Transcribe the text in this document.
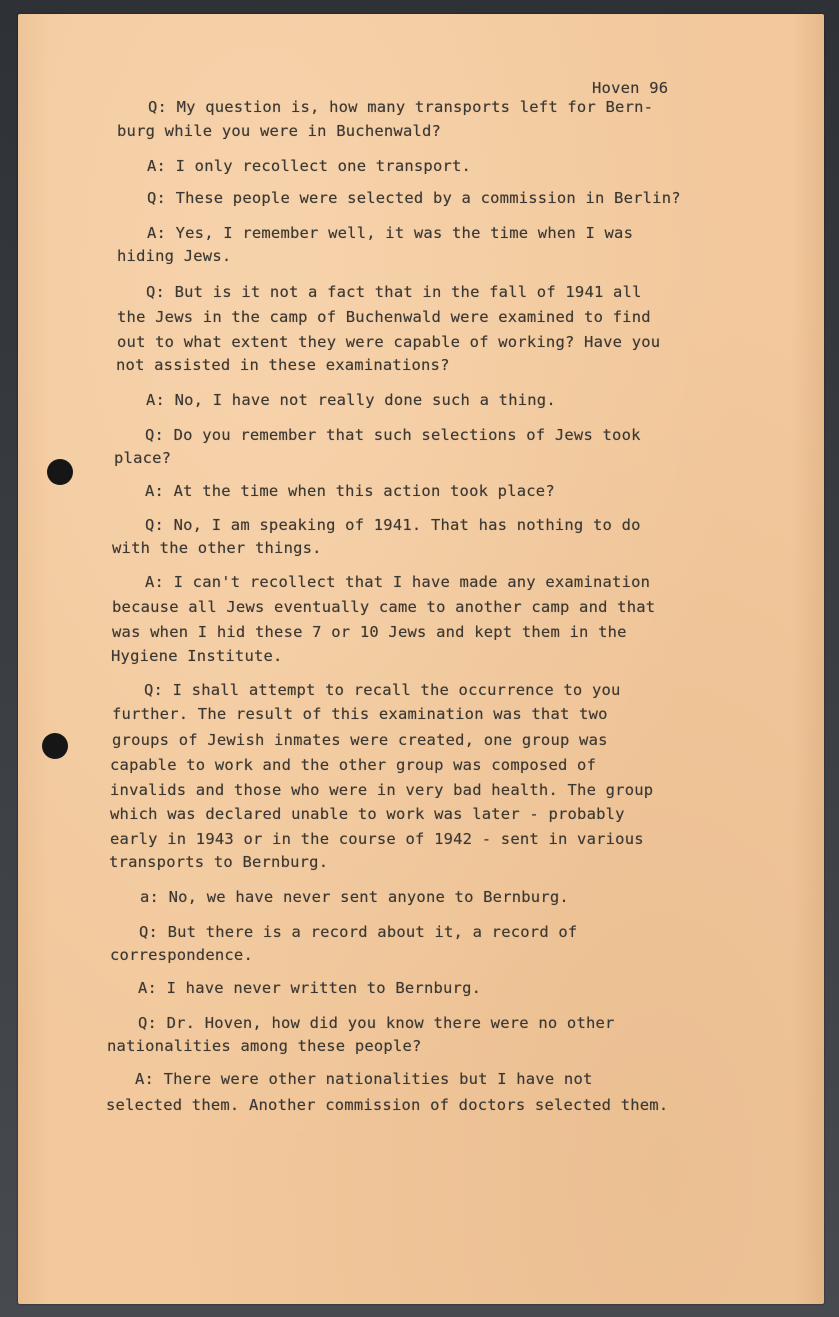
Hoven 96
Q: My question is, how many transports left for Bern-
burg while you were in Buchenwald?
A: I only recollect one transport.
Q: These people were selected by a commission in Berlin?
A: Yes, I remember well, it was the time when I was
hiding Jews.
Q: But is it not a fact that in the fall of 1941 all
the Jews in the camp of Buchenwald were examined to find
out to what extent they were capable of working? Have you
not assisted in these examinations?
A: No, I have not really done such a thing.
Q: Do you remember that such selections of Jews took
place?
A: At the time when this action took place?
Q: No, I am speaking of 1941. That has nothing to do
with the other things.
A: I can't recollect that I have made any examination
because all Jews eventually came to another camp and that
was when I hid these 7 or 10 Jews and kept them in the
Hygiene Institute.
Q: I shall attempt to recall the occurrence to you
further. The result of this examination was that two
groups of Jewish inmates were created, one group was
capable to work and the other group was composed of
invalids and those who were in very bad health. The group
which was declared unable to work was later - probably
early in 1943 or in the course of 1942 - sent in various
transports to Bernburg.
a: No, we have never sent anyone to Bernburg.
Q: But there is a record about it, a record of
correspondence.
A: I have never written to Bernburg.
Q: Dr. Hoven, how did you know there were no other
nationalities among these people?
A: There were other nationalities but I have not
selected them. Another commission of doctors selected them.
